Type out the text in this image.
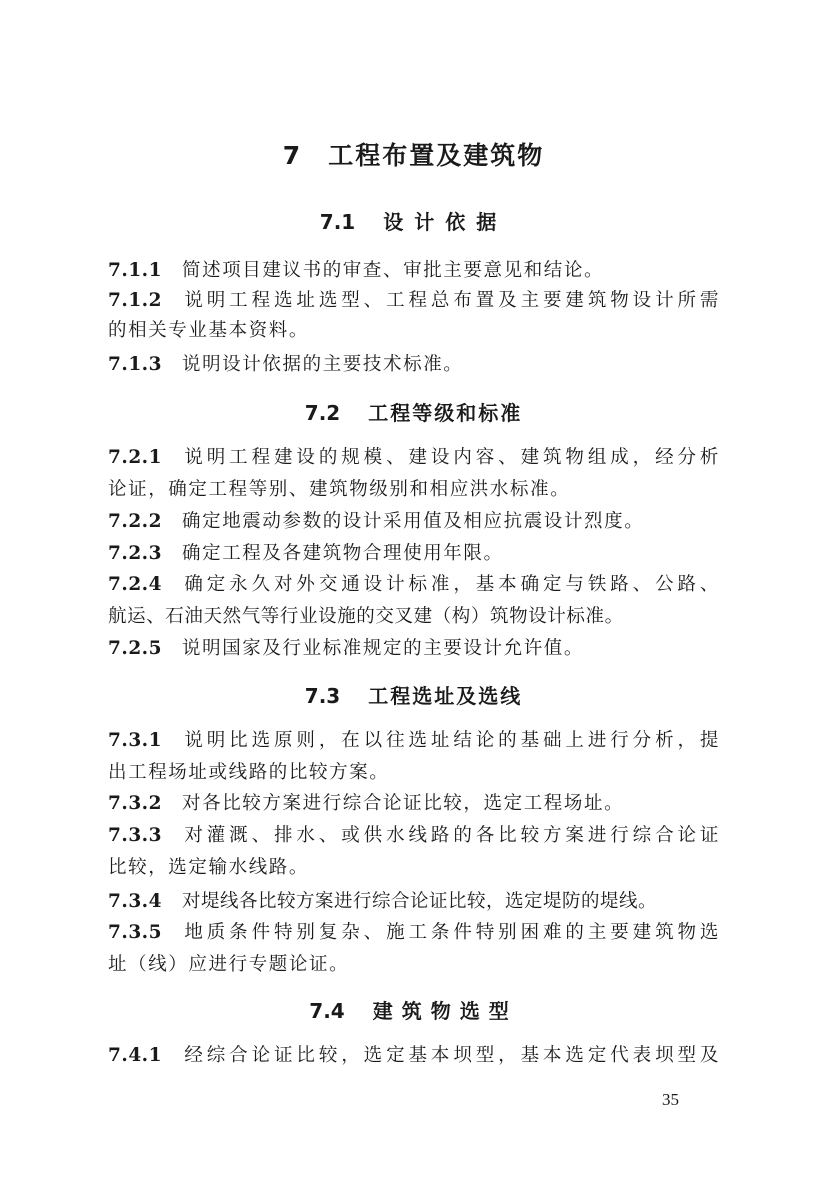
7 工程布置及建筑物
7.1 设计依据
7.1.1 简述项目建议书的审查、审批主要意见和结论。
7.1.2 说明工程选址选型、工程总布置及主要建筑物设计所需
的相关专业基本资料。
7.1.3 说明设计依据的主要技术标准。
7.2 工程等级和标准
7.2.1 说明工程建设的规模、建设内容、建筑物组成，经分析
论证，确定工程等别、建筑物级别和相应洪水标准。
7.2.2 确定地震动参数的设计采用值及相应抗震设计烈度。
7.2.3 确定工程及各建筑物合理使用年限。
7.2.4 确定永久对外交通设计标准，基本确定与铁路、公路、
航运、石油天然气等行业设施的交叉建（构）筑物设计标准。
7.2.5 说明国家及行业标准规定的主要设计允许值。
7.3 工程选址及选线
7.3.1 说明比选原则，在以往选址结论的基础上进行分析，提
出工程场址或线路的比较方案。
7.3.2 对各比较方案进行综合论证比较，选定工程场址。
7.3.3 对灌溉、排水、或供水线路的各比较方案进行综合论证
比较，选定输水线路。
7.3.4 对堤线各比较方案进行综合论证比较，选定堤防的堤线。
7.3.5 地质条件特别复杂、施工条件特别困难的主要建筑物选
址（线）应进行专题论证。
7.4 建筑物选型
7.4.1 经综合论证比较，选定基本坝型，基本选定代表坝型及
35
